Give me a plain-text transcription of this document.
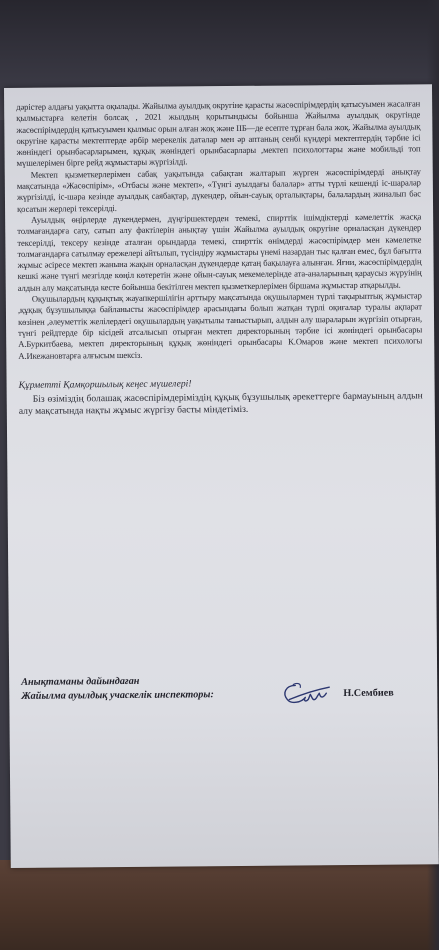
дәрістер алдағы уақытта оқылады. Жайылма ауылдық округіне қарасты жасөспірімдердің қатысуымен жасалған қылмыстарға келетін болсақ , 2021 жылдың қорытындысы бойынша Жайылма ауылдық округінде жасөспірімдердің қатысуымен қылмыс орын алған жоқ және ІІБ—де есепте тұрған бала жоқ. Жайылма ауылдық округіне қарасты мектептерде әрбір мерекелік даталар мен әр аптаның сенбі күндері мектептердің тәрбие ісі жөніндегі орынбасарларымен, құқық жөніндегі орынбасарлары ,мектеп психологтары және мобильді топ мүшелерімен бірге рейд жұмыстары жүргізілді.

Мектеп қызметкерлерімен сабақ уақытында сабақтан жалтарып жүрген жасөспірімдерді анықтау мақсатында «Жасөспірім», «Отбасы және мектеп», «Түнгі ауылдағы балалар» атты түрлі кешенді іс-шаралар жүргізілді, іс-шара кезінде ауылдық саябақтар, дүкендер, ойын-сауық орталықтары, балалардың жиналып бас қосатын жерлері тексерілді.

Ауылдық өңірлерде дүкендермен, дүңгіршектерден темекі, спирттік ішімдіктерді кәмелеттік жасқа толмағандарға сату, сатып алу фактілерін анықтау үшін Жайылма ауылдық округіне орналасқан дүкендер тексерілді, тексеру кезінде аталған орындарда темекі, спирттік өнімдерді жасөспірімдер мен кәмелетке толмағандарға сатылмау ережелері айтылып, түсіндіру жұмыстары үнемі назардан тыс қалған емес, бұл бағытта жұмыс әсіресе мектеп жанына жақын орналасқан дүкендерде қатаң бақылауға алынған. Яғни, жасөспірімдердің кешкі және түнгі мезгілде көңіл көтеретін және ойын-сауық мекемелерінде ата-аналарының қараусыз жүруінің алдын алу мақсатында кесте бойынша бекітілген мектеп қызметкерлерімен біршама жұмыстар атқарылды.

Оқушылардың құқықтық жауапкершілігін арттыру мақсатында оқушылармен түрлі тақырыптық жұмыстар ,құқық бұзушылыққа байланысты жасөспірімдер арасындағы болып жатқан түрлі оқиғалар туралы ақпарат көзінен ,әлеуметтік желілердегі оқушылардың уақытылы таныстырып, алдын алу шараларын жүргізіп отырған, түнгі рейдтерде бір кісідей атсалысып отырған мектеп директорының тәрбие ісі жөніндегі орынбасары А.Буркитбаева, мектеп директорының құқық жөніндегі орынбасары К.Омаров және мектеп психологы А.Икежановтарға алғысым шексіз.

Құрметті Қамқоршылық кеңес мүшелері!

Біз өзіміздің болашақ жасөспірімдеріміздің құқық бұзушылық әрекеттерге бармауының алдын алу мақсатында нақты жұмыс жүргізу басты міндетіміз.

Анықтаманы дайындаған
Жайылма ауылдық учаскелік инспекторы:	Н.Сембиев
